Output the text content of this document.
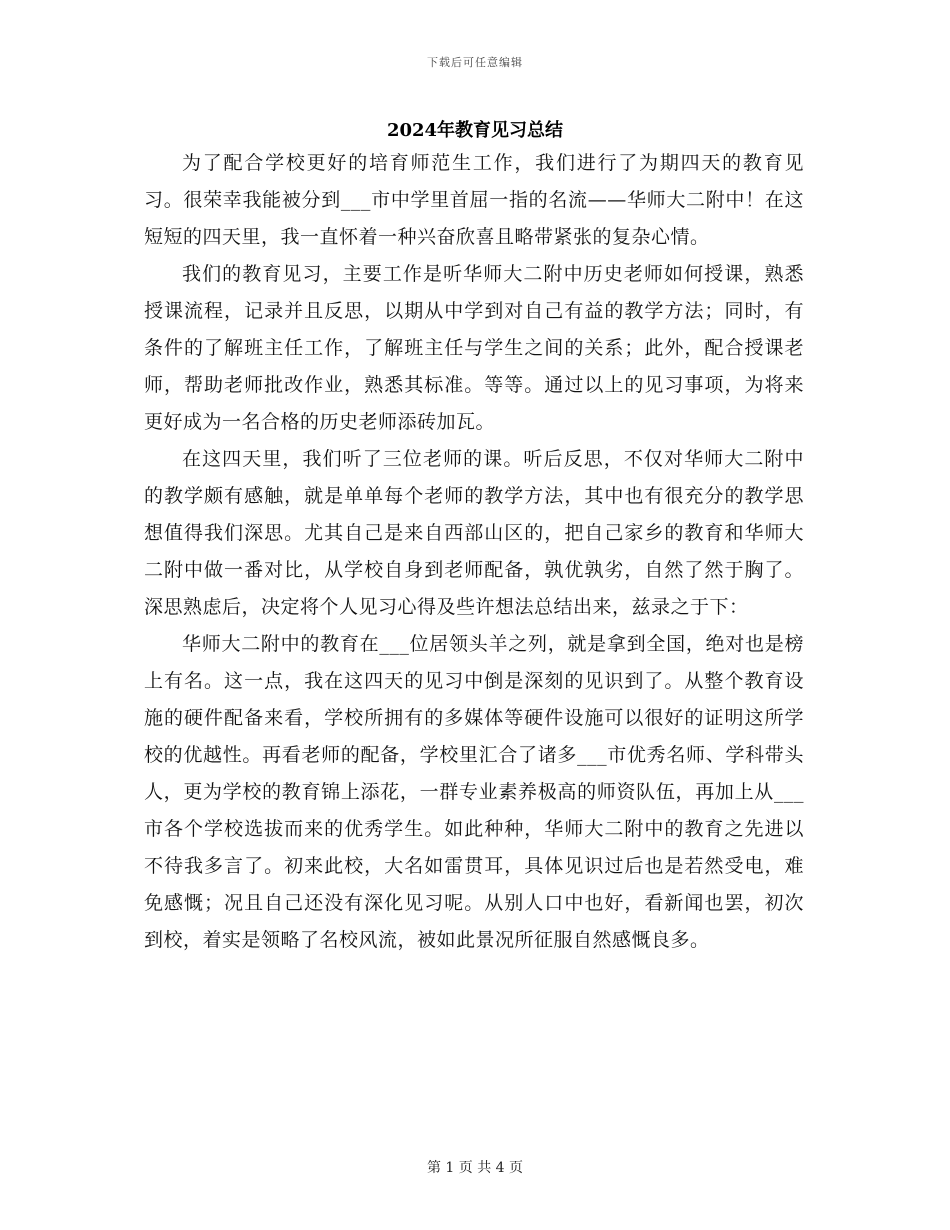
下载后可任意编辑
2024年教育见习总结

为了配合学校更好的培育师范生工作，我们进行了为期四天的教育见习。很荣幸我能被分到___市中学里首屈一指的名流——华师大二附中！在这短短的四天里，我一直怀着一种兴奋欣喜且略带紧张的复杂心情。

我们的教育见习，主要工作是听华师大二附中历史老师如何授课，熟悉授课流程，记录并且反思，以期从中学到对自己有益的教学方法；同时，有条件的了解班主任工作，了解班主任与学生之间的关系；此外，配合授课老师，帮助老师批改作业，熟悉其标准。等等。通过以上的见习事项，为将来更好成为一名合格的历史老师添砖加瓦。

在这四天里，我们听了三位老师的课。听后反思，不仅对华师大二附中的教学颇有感触，就是单单每个老师的教学方法，其中也有很充分的教学思想值得我们深思。尤其自己是来自西部山区的，把自己家乡的教育和华师大二附中做一番对比，从学校自身到老师配备，孰优孰劣，自然了然于胸了。深思熟虑后，决定将个人见习心得及些许想法总结出来，兹录之于下：

华师大二附中的教育在___位居领头羊之列，就是拿到全国，绝对也是榜上有名。这一点，我在这四天的见习中倒是深刻的见识到了。从整个教育设施的硬件配备来看，学校所拥有的多媒体等硬件设施可以很好的证明这所学校的优越性。再看老师的配备，学校里汇合了诸多___市优秀名师、学科带头人，更为学校的教育锦上添花，一群专业素养极高的师资队伍，再加上从___市各个学校选拔而来的优秀学生。如此种种，华师大二附中的教育之先进以不待我多言了。初来此校，大名如雷贯耳，具体见识过后也是若然受电，难免感慨；况且自己还没有深化见习呢。从别人口中也好，看新闻也罢，初次到校，着实是领略了名校风流，被如此景况所征服自然感慨良多。

第 1 页 共 4 页
